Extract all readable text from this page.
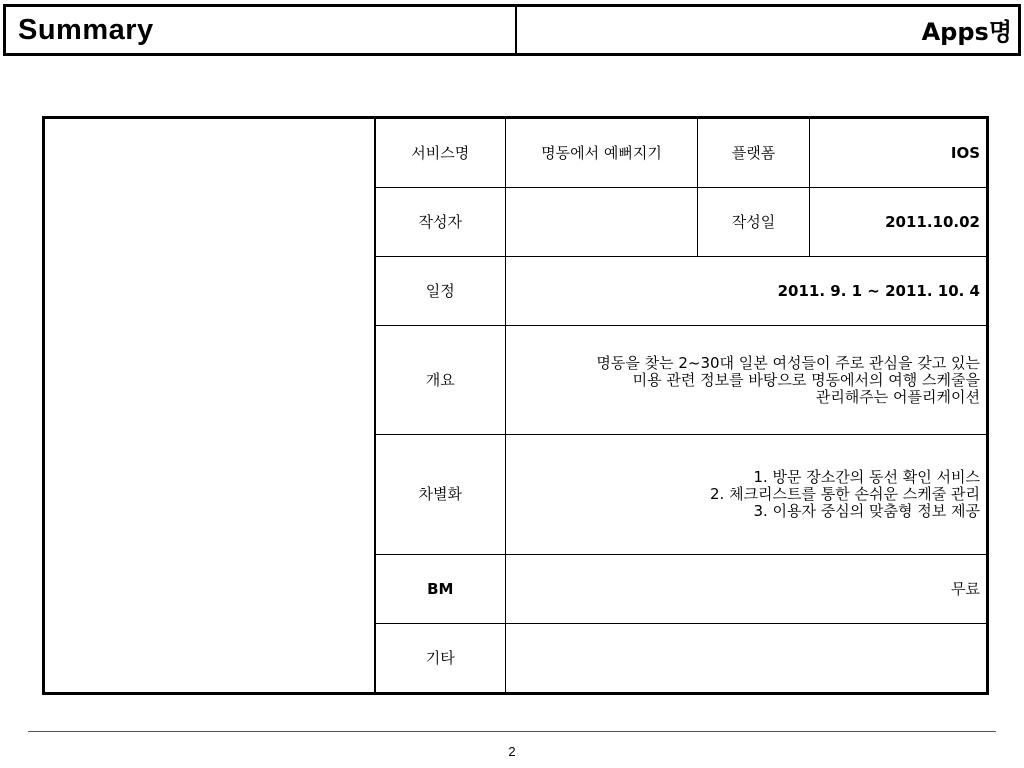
Summary	Apps명
	서비스명	명동에서 예뻐지기	플랫폼	IOS
	작성자		작성일	2011.10.02
	일정	2011. 9. 1 ~ 2011. 10. 4		
	개요	명동을 찾는 2~30대 일본 여성들이 주로 관심을 갖고 있는
미용 관련 정보를 바탕으로 명동에서의 여행 스케줄을
관리해주는 어플리케이션		
	차별화	1. 방문 장소간의 동선 확인 서비스
2. 체크리스트를 통한 손쉬운 스케줄 관리
3. 이용자 중심의 맞춤형 정보 제공		
	BM	무료		
	기타			
2
